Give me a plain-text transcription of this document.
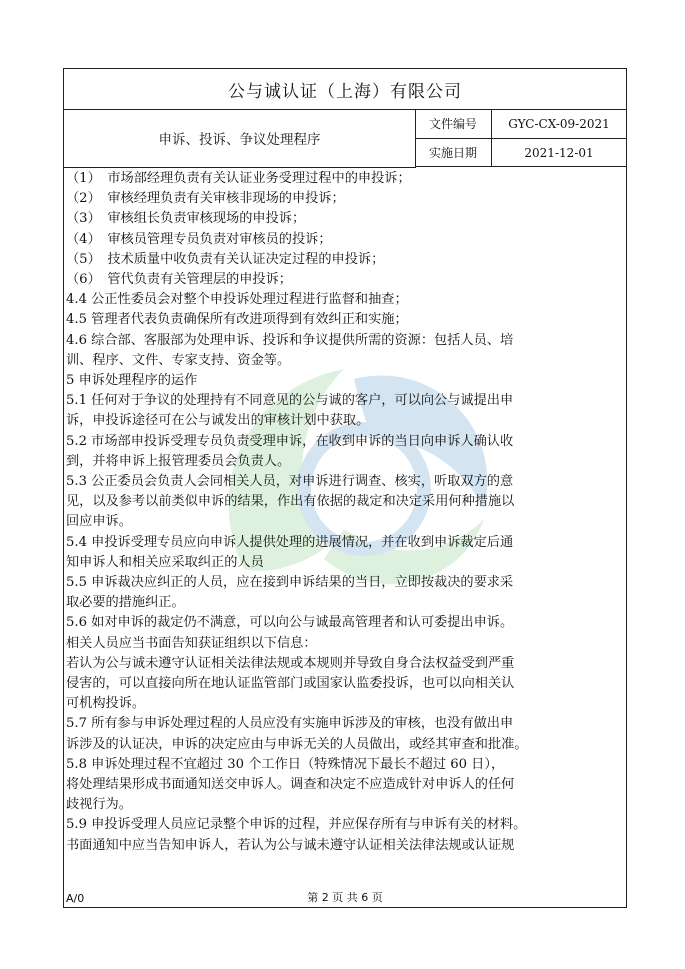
公与诚认证（上海）有限公司
申诉、投诉、争议处理程序
文件编号	GYC-CX-09-2021
实施日期	2021-12-01
（1）　市场部经理负责有关认证业务受理过程中的申投诉；
（2）　审核经理负责有关审核非现场的申投诉；
（3）　审核组长负责审核现场的申投诉；
（4）　审核员管理专员负责对审核员的投诉；
（5）　技术质量中收负责有关认证决定过程的申投诉；
（6）　管代负责有关管理层的申投诉；
4.4 公正性委员会对整个申投诉处理过程进行监督和抽查；
4.5 管理者代表负责确保所有改进项得到有效纠正和实施；
4.6 综合部、客服部为处理申诉、投诉和争议提供所需的资源：包括人员、培
训、程序、文件、专家支持、资金等。
5 申诉处理程序的运作
5.1 任何对于争议的处理持有不同意见的公与诚的客户，可以向公与诚提出申
诉，申投诉途径可在公与诚发出的审核计划中获取。
5.2 市场部申投诉受理专员负责受理申诉，在收到申诉的当日向申诉人确认收
到，并将申诉上报管理委员会负责人。
5.3 公正委员会负责人会同相关人员，对申诉进行调查、核实，听取双方的意
见，以及参考以前类似申诉的结果，作出有依据的裁定和决定采用何种措施以
回应申诉。
5.4 申投诉受理专员应向申诉人提供处理的进展情况，并在收到申诉裁定后通
知申诉人和相关应采取纠正的人员
5.5 申诉裁决应纠正的人员，应在接到申诉结果的当日，立即按裁决的要求采
取必要的措施纠正。
5.6 如对申诉的裁定仍不满意，可以向公与诚最高管理者和认可委提出申诉。
相关人员应当书面告知获证组织以下信息：
若认为公与诚未遵守认证相关法律法规或本规则并导致自身合法权益受到严重
侵害的，可以直接向所在地认证监管部门或国家认监委投诉，也可以向相关认
可机构投诉。
5.7 所有参与申诉处理过程的人员应没有实施申诉涉及的审核，也没有做出申
诉涉及的认证决，申诉的决定应由与申诉无关的人员做出，或经其审查和批准。
5.8 申诉处理过程不宜超过 30 个工作日（特殊情况下最长不超过 60 日），
将处理结果形成书面通知送交申诉人。调查和决定不应造成针对申诉人的任何
歧视行为。
5.9 申投诉受理人员应记录整个申诉的过程，并应保存所有与申诉有关的材料。
书面通知中应当告知申诉人，若认为公与诚未遵守认证相关法律法规或认证规
A/0	第 2 页 共 6 页
